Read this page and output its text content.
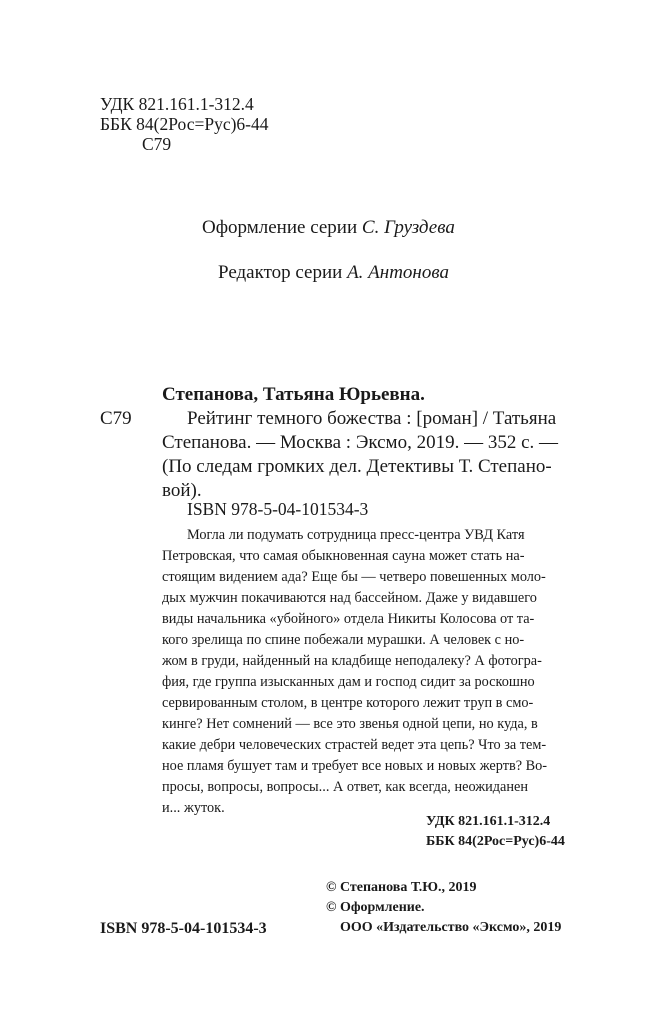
УДК 821.161.1-312.4
ББК 84(2Рос=Рус)6-44
С79
Оформление серии С. Груздева
Редактор серии А. Антонова
Степанова, Татьяна Юрьевна.
С79	Рейтинг темного божества : [роман] / Татьяна
Степанова. — Москва : Эксмо, 2019. — 352 с. —
(По следам громких дел. Детективы Т. Степано-
вой).
ISBN 978-5-04-101534-3
Могла ли подумать сотрудница пресс-центра УВД Катя
Петровская, что самая обыкновенная сауна может стать на-
стоящим видением ада? Еще бы — четверо повешенных моло-
дых мужчин покачиваются над бассейном. Даже у видавшего
виды начальника «убойного» отдела Никиты Колосова от та-
кого зрелища по спине побежали мурашки. А человек с но-
жом в груди, найденный на кладбище неподалеку? А фотогра-
фия, где группа изысканных дам и господ сидит за роскошно
сервированным столом, в центре которого лежит труп в смо-
кинге? Нет сомнений — все это звенья одной цепи, но куда, в
какие дебри человеческих страстей ведет эта цепь? Что за тем-
ное пламя бушует там и требует все новых и новых жертв? Во-
просы, вопросы, вопросы... А ответ, как всегда, неожиданен
и... жуток.
УДК 821.161.1-312.4
ББК 84(2Рос=Рус)6-44
© Степанова Т.Ю., 2019
© Оформление.
ISBN 978-5-04-101534-3	ООО «Издательство «Эксмо», 2019
